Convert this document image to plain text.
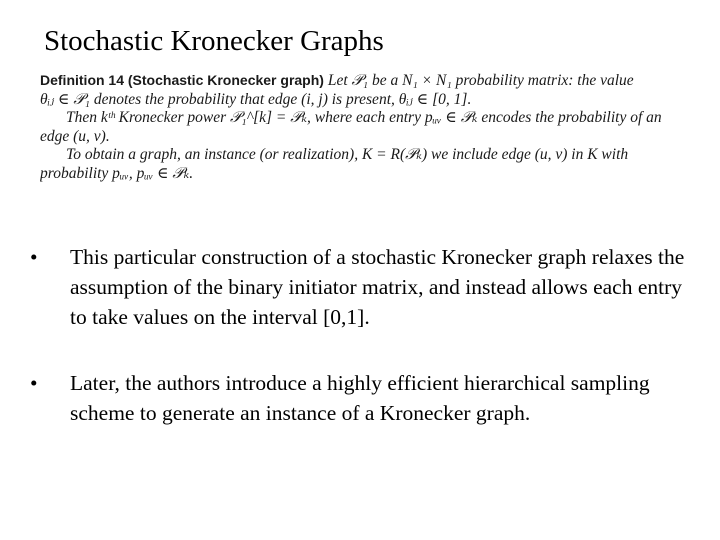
Stochastic Kronecker Graphs
Definition 14 (Stochastic Kronecker graph) Let 𝒫₁ be a N₁ × N₁ probability matrix: the value
θᵢⱼ ∈ 𝒫₁ denotes the probability that edge (i, j) is present, θᵢⱼ ∈ [0, 1].
Then kᵗʰ Kronecker power 𝒫₁^[k] = 𝒫ₖ, where each entry pᵤᵥ ∈ 𝒫ₖ encodes the probability of an
edge (u, v).
To obtain a graph, an instance (or realization), K = R(𝒫ₖ) we include edge (u, v) in K with
probability pᵤᵥ, pᵤᵥ ∈ 𝒫ₖ.
•	This particular construction of a stochastic Kronecker graph relaxes the assumption of the binary initiator matrix, and instead allows each entry to take values on the interval [0,1].
•	Later, the authors introduce a highly efficient hierarchical sampling scheme to generate an instance of a Kronecker graph.
